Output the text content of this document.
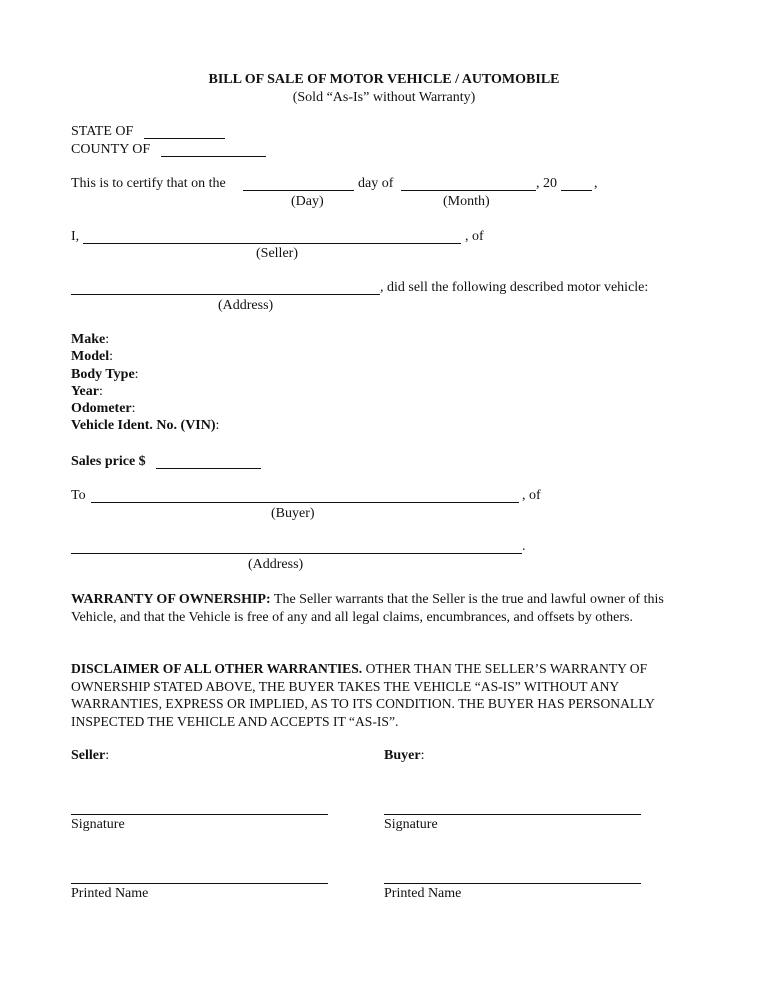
BILL OF SALE OF MOTOR VEHICLE / AUTOMOBILE
(Sold “As-Is” without Warranty)
STATE OF
COUNTY OF
This is to certify that on the	day of	, 20	,
(Day)	(Month)
I,	, of
(Seller)
, did sell the following described motor vehicle:
(Address)
Make:
Model:
Body Type:
Year:
Odometer:
Vehicle Ident. No. (VIN):
Sales price $
To	, of
(Buyer)
.
(Address)
WARRANTY OF OWNERSHIP: The Seller warrants that the Seller is the true and lawful owner of this Vehicle, and that the Vehicle is free of any and all legal claims, encumbrances, and offsets by others.
DISCLAIMER OF ALL OTHER WARRANTIES. OTHER THAN THE SELLER’S WARRANTY OF OWNERSHIP STATED ABOVE, THE BUYER TAKES THE VEHICLE “AS-IS” WITHOUT ANY WARRANTIES, EXPRESS OR IMPLIED, AS TO ITS CONDITION. THE BUYER HAS PERSONALLY INSPECTED THE VEHICLE AND ACCEPTS IT “AS-IS”.
Seller:	Buyer:
Signature	Signature
Printed Name	Printed Name
